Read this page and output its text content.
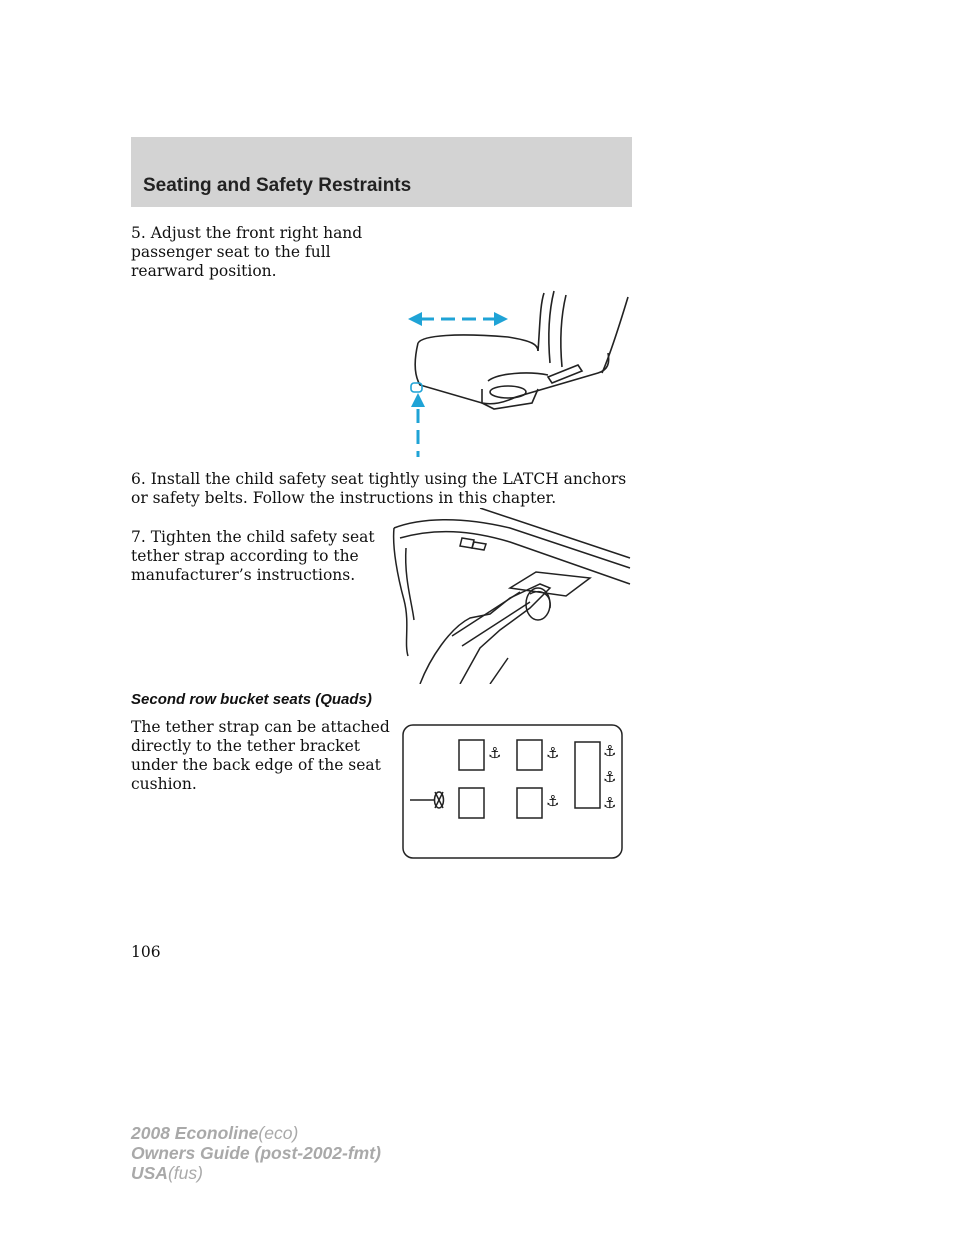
Seating and Safety Restraints

5. Adjust the front right hand passenger seat to the full rearward position.

6. Install the child safety seat tightly using the LATCH anchors or safety belts. Follow the instructions in this chapter.

7. Tighten the child safety seat tether strap according to the manufacturer’s instructions.

Second row bucket seats (Quads)

The tether strap can be attached directly to the tether bracket under the back edge of the seat cushion.

⚓	⚓
⚓
⚓
⚓
⚓
106
2008 Econoline(eco)
Owners Guide (post-2002-fmt)
USA(fus)
